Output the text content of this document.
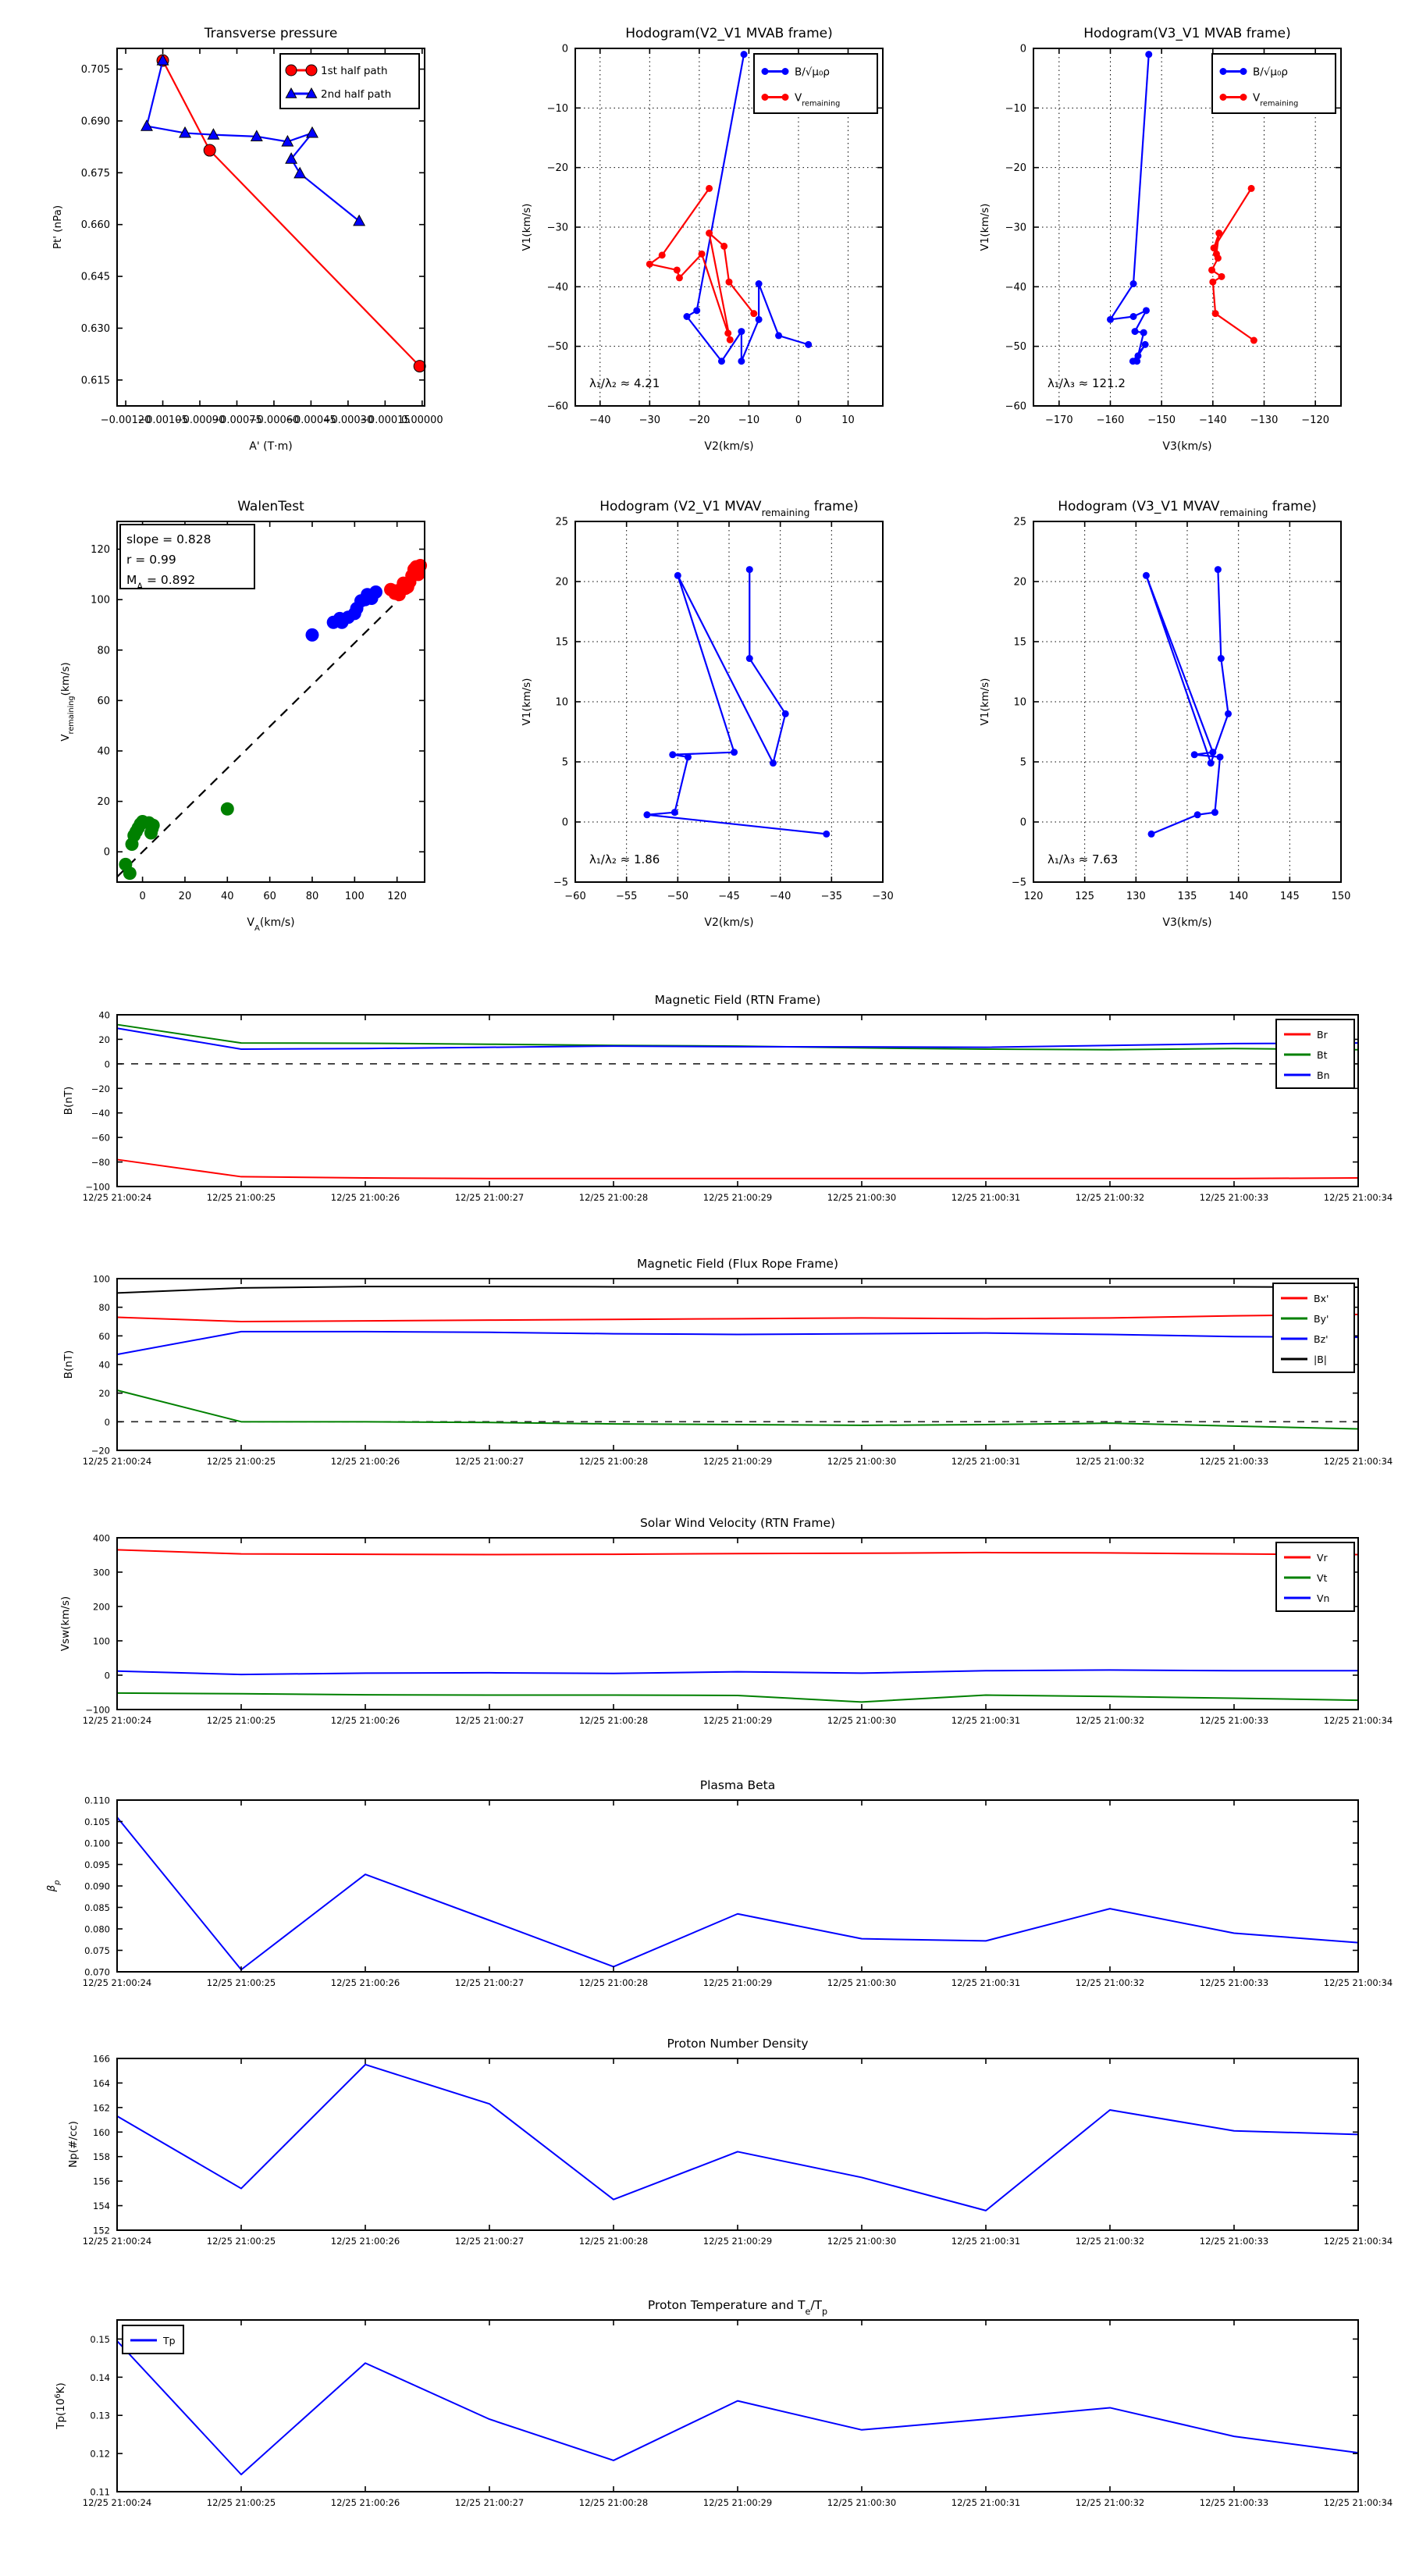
−0.00120
−0.00105
−0.00090
−0.00075
−0.00060
−0.00045
−0.00030
−0.00015
0.00000
0.615
0.630
0.645
0.660
0.675
0.690
0.705
Transverse pressure
A' (T·m)
Pt' (nPa)
1st half path
2nd half path
−40	−30	−20	−10	0	10
0
−10
−20
−30
−40
−50
−60
Hodogram(V2_V1 MVAB frame)
V2(km/s)
V1(km/s)
λ₁/λ₂ ≈ 4.21
B/√μ₀ρ
$V_{remaining}$
−170 −160 −150 −140 −130 −120
0
−10
−20
−30
−40
−50
−60
Hodogram(V3_V1 MVAB frame)
V3(km/s)
V1(km/s)
λ₁/λ₃ ≈ 121.2
B/√μ₀ρ
$V_{remaining}$
0	20	40	60	80	100 120
0
20
40
60
80
100
120
WalenTest
$V_A(km/s)$
$V_{remaining}(km/s)$
slope = 0.828
r = 0.99
$M_A = 0.892$
−60	−55	−50	−45	−40	−35	−30
−5
0
5
10
15
20
25
Hodogram (V2_V1 $MVAV_{remaining}$ frame)
V2(km/s)
V1(km/s)
λ₁/λ₂ ≈ 1.86
120	125	130	135	140	145	150
−5
0
5
10
15
20
25
Hodogram (V3_V1 $MVAV_{remaining}$ frame)
V3(km/s)
V1(km/s)
λ₁/λ₃ ≈ 7.63
12/25 21:00:24	12/25 21:00:25	12/25 21:00:26	12/25 21:00:27	12/25 21:00:28	12/25 21:00:29	12/25 21:00:30	12/25 21:00:31	12/25 21:00:32	12/25 21:00:33	12/25 21:00:34
40
20
0
−20
−40
−60
−80
−100
Magnetic Field (RTN Frame)
B(nT)
Br
Bt
Bn
12/25 21:00:24	12/25 21:00:25	12/25 21:00:26	12/25 21:00:27	12/25 21:00:28	12/25 21:00:29	12/25 21:00:30	12/25 21:00:31	12/25 21:00:32	12/25 21:00:33	12/25 21:00:34
100
80
60
40
20
0
−20
Magnetic Field (Flux Rope Frame)
B(nT)
Bx'
By'
Bz'
|B|
12/25 21:00:24	12/25 21:00:25	12/25 21:00:26	12/25 21:00:27	12/25 21:00:28	12/25 21:00:29	12/25 21:00:30	12/25 21:00:31	12/25 21:00:32	12/25 21:00:33	12/25 21:00:34
400
300
200
100
0
−100
Solar Wind Velocity (RTN Frame)
Vsw(km/s)
Vr
Vt
Vn
12/25 21:00:24	12/25 21:00:25	12/25 21:00:26	12/25 21:00:27	12/25 21:00:28	12/25 21:00:29	12/25 21:00:30	12/25 21:00:31	12/25 21:00:32	12/25 21:00:33	12/25 21:00:34
0.110
0.105
0.100
0.095
0.090
0.085
0.080
0.075
0.070
Plasma Beta
$\beta_p$
12/25 21:00:24	12/25 21:00:25	12/25 21:00:26	12/25 21:00:27	12/25 21:00:28	12/25 21:00:29	12/25 21:00:30	12/25 21:00:31	12/25 21:00:32	12/25 21:00:33	12/25 21:00:34
166
164
162
160
158
156
154
152
Proton Number Density
Np(#/cc)
12/25 21:00:24	12/25 21:00:25	12/25 21:00:26	12/25 21:00:27	12/25 21:00:28	12/25 21:00:29	12/25 21:00:30	12/25 21:00:31	12/25 21:00:32	12/25 21:00:33	12/25 21:00:34
0.15
0.14
0.13
0.12
0.11
Proton Temperature and $T_e/T_p$
$Tp(10^6K)$
Tp
